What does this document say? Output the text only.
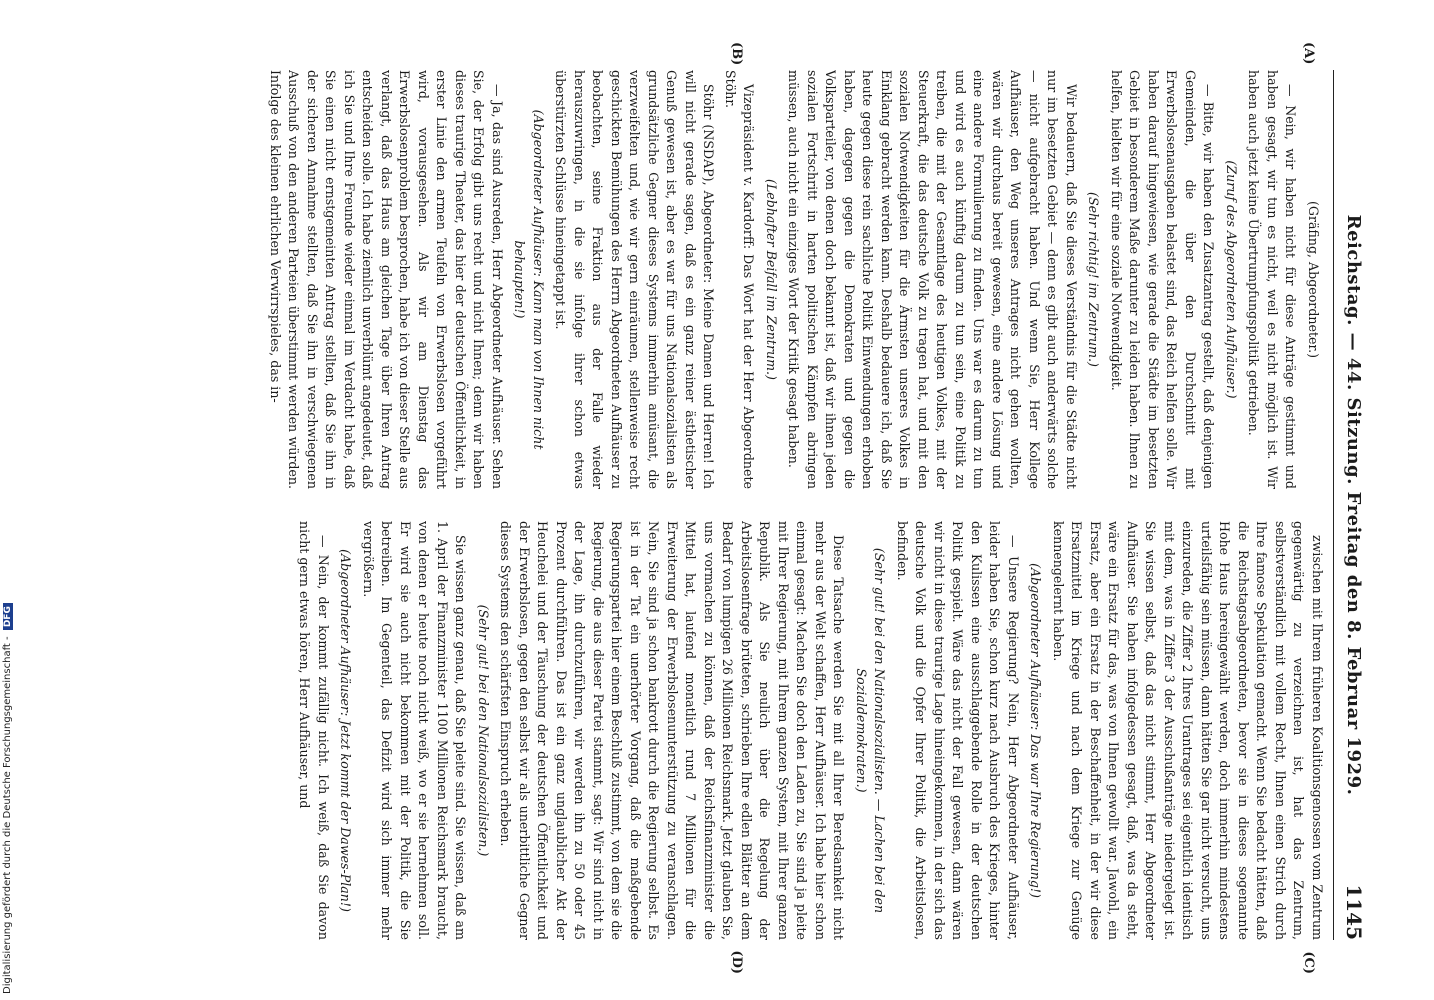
Reichstag. — 44. Sitzung. Freitag den 8. Februar 1929.
1145
(A)
(B)
(C)
(D)

(Gräfing, Abgeordneter.)

— Nein, wir haben nicht für diese Anträge gestimmt und haben gesagt, wir tun es nicht, weil es nicht möglich ist. Wir haben auch jetzt keine Übertrumpfungspolitik getrieben.

(Zuruf des Abgeordneten Aufhäuser.)

— Bitte, wir haben den Zusatzantrag gestellt, daß denjenigen Gemeinden, die über den Durchschnitt mit Erwerbslosenausgaben belastet sind, das Reich helfen solle. Wir haben darauf hingewiesen, wie gerade die Städte im besetzten Gebiet in besonderem Maße darunter zu leiden haben. Ihnen zu helfen, hielten wir für eine soziale Notwendigkeit.

(Sehr richtig! im Zentrum.)

Wir bedauern, daß Sie dieses Verständnis für die Städte nicht nur im besetzten Gebiet — denn es gibt auch anderwärts solche — nicht aufgebracht haben. Und wenn Sie, Herr Kollege Aufhäuser, den Weg unseres Antrages nicht gehen wollten, wären wir durchaus bereit gewesen, eine andere Lösung und eine andere Formulierung zu finden. Uns war es darum zu tun und wird es auch künftig darum zu tun sein, eine Politik zu treiben, die mit der Gesamtlage des heutigen Volkes, mit der Steuerkraft, die das deutsche Volk zu tragen hat, und mit den sozialen Notwendigkeiten für die Ärmsten unseres Volkes in Einklang gebracht werden kann. Deshalb bedauere ich, daß Sie heute gegen diese rein sachliche Politik Einwendungen erhoben haben, dagegen gegen die Demokraten und gegen die Volksparteiler, von denen doch bekannt ist, daß wir ihnen jeden sozialen Fortschritt in harten politischen Kämpfen abringen müssen, auch nicht ein einziges Wort der Kritik gesagt haben.

(Lebhafter Beifall im Zentrum.)

Vizepräsident v. Kardorff: Das Wort hat der Herr Abgeordnete Stöhr.

Stöhr (NSDAP), Abgeordneter: Meine Damen und Herren! Ich will nicht gerade sagen, daß es ein ganz reiner ästhetischer Genuß gewesen ist, aber es war für uns Nationalsozialisten als grundsätzliche Gegner dieses Systems immerhin amüsant, die verzweifelten und, wie wir gern einräumen, stellenweise recht geschickten Bemühungen des Herrn Abgeordneten Aufhäuser zu beobachten, seine Fraktion aus der Falle wieder herauszuwringen, in die sie infolge ihrer schon etwas überstürzten Schlüsse hineingetappt ist.

(Abgeordneter Aufhäuser: Kann man von Ihnen nicht behaupten!)

— Ja, das sind Ausreden, Herr Abgeordneter Aufhäuser. Sehen Sie, der Erfolg gibt uns recht und nicht Ihnen; denn wir haben dieses traurige Theater, das hier der deutschen Öffentlichkeit, in erster Linie den armen Teufeln von Erwerbslosen vorgeführt wird, vorausgesehen. Als wir am Dienstag das Erwerbslosenproblem besprochen, habe ich von dieser Stelle aus verlangt, daß das Haus am gleichen Tage über Ihren Antrag entscheiden solle. Ich habe ziemlich unverblümt angedeutet, daß ich Sie und Ihre Freunde wieder einmal im Verdacht habe, daß Sie einen nicht ernstgemeinten Antrag stellten, daß Sie ihn in der sicheren Annahme stellten, daß Sie ihn in verschwiegenen Ausschuß von den anderen Parteien überstimmt werden würden. Infolge des kleinen ehrlichen Verwirrspieles, das in-

zwischen mit Ihrem früheren Koalitionsgenossen vom Zentrum gegenwärtig zu verzeichnen ist, hat das Zentrum, selbstverständlich mit vollem Recht, Ihnen einen Strich durch Ihre famose Spekulation gemacht. Wenn Sie bedacht hätten, daß die Reichstagsabgeordneten, bevor sie in dieses sogenannte Hohe Haus hereingewählt werden, doch immerhin mindestens urteilsfähig sein müssen, dann hätten Sie gar nicht versucht, uns einzureden, die Ziffer 2 Ihres Urantrages sei eigentlich identisch mit dem, was in Ziffer 3 der Ausschußanträge niedergelegt ist. Sie wissen selbst, daß das nicht stimmt, Herr Abgeordneter Aufhäuser. Sie haben infolgedessen gesagt, daß, was da steht, wäre ein Ersatz für das, was von Ihnen gewollt war. Jawohl, ein Ersatz, aber ein Ersatz in der Beschaffenheit, in der wir diese Ersatzmittel im Kriege und nach dem Kriege zur Genüge kennengelernt haben.

(Abgeordneter Aufhäuser: Das war Ihre Regierung!)

— Unsere Regierung? Nein, Herr Abgeordneter Aufhäuser, leider haben Sie, schon kurz nach Ausbruch des Krieges, hinter den Kulissen eine ausschlaggebende Rolle in der deutschen Politik gespielt. Wäre das nicht der Fall gewesen, dann wären wir nicht in diese traurige Lage hineingekommen, in der sich das deutsche Volk und die Opfer Ihrer Politik, die Arbeitslosen, befinden.

(Sehr gut! bei den Nationalsozialisten. — Lachen bei den Sozialdemokraten.)

Diese Tatsache werden Sie mit all Ihrer Beredsamkeit nicht mehr aus der Welt schaffen, Herr Aufhäuser. Ich habe hier schon einmal gesagt: Machen Sie doch den Laden zu, Sie sind ja pleite mit Ihrer Regierung, mit Ihrem ganzen System, mit Ihrer ganzen Republik. Als Sie neulich über die Regelung der Arbeitslosenfrage brüteten, schrieben Ihre edlen Blätter an dem Bedarf von lumpigen 26 Millionen Reichsmark. Jetzt glauben Sie, uns vormachen zu können, daß der Reichsfinanzminister die Mittel hat, laufend monatlich rund 7 Millionen für die Erweiterung der Erwerbslosenunterstützung zu veranschlagen. Nein, Sie sind ja schon bankrott durch die Regierung selbst. Es ist in der Tat ein unerhörter Vorgang, daß die maßgebende Regierungspartei hier einem Beschluß zustimmt, von dem sie die Regierung, die aus dieser Partei stammt, sagt: Wir sind nicht in der Lage, ihn durchzuführen, wir werden ihn zu 50 oder 45 Prozent durchführen. Das ist ein ganz unglaublicher Akt der Heuchelei und der Täuschung der deutschen Öffentlichkeit und der Erwerbslosen, gegen den selbst wir als unerbittliche Gegner dieses Systems den schärfsten Einspruch erheben.

(Sehr gut! bei den Nationalsozialisten.)

Sie wissen ganz genau, daß Sie pleite sind. Sie wissen, daß am 1. April der Finanzminister 1100 Millionen Reichsmark braucht, von denen er heute noch nicht weiß, wo er sie hernehmen soll. Er wird sie auch nicht bekommen mit der Politik, die Sie betreiben. Im Gegenteil, das Defizit wird sich immer mehr vergrößern.

(Abgeordneter Aufhäuser: Jetzt kommt der Dawes-Plan!)

— Nein, der kommt zufällig nicht. Ich weiß, daß Sie davon nicht gern etwas hören, Herr Aufhäuser, und

Digitalisierung gefördert durch die Deutsche Forschungsgemeinschaft - DFG
